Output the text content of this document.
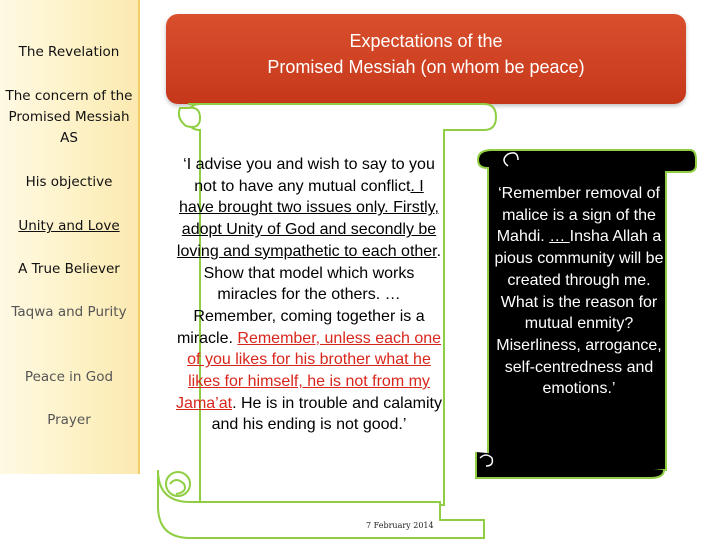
The Revelation
The concern of the Promised Messiah AS
His objective
Unity and Love
A True Believer
Taqwa and Purity
Peace in God
Prayer
Expectations of the
Promised Messiah (on whom be peace)
‘I advise you and wish to say to you not to have any mutual conflict. I have brought two issues only. Firstly, adopt Unity of God and secondly be loving and sympathetic to each other. Show that model which works miracles for the others. … Remember, coming together is a miracle. Remember, unless each one of you likes for his brother what he likes for himself, he is not from my Jama’at. He is in trouble and calamity and his ending is not good.’
‘Remember removal of malice is a sign of the Mahdi. … Insha Allah a pious community will be created through me. What is the reason for mutual enmity? Miserliness, arrogance, self-centredness and emotions.’
7 February 2014
